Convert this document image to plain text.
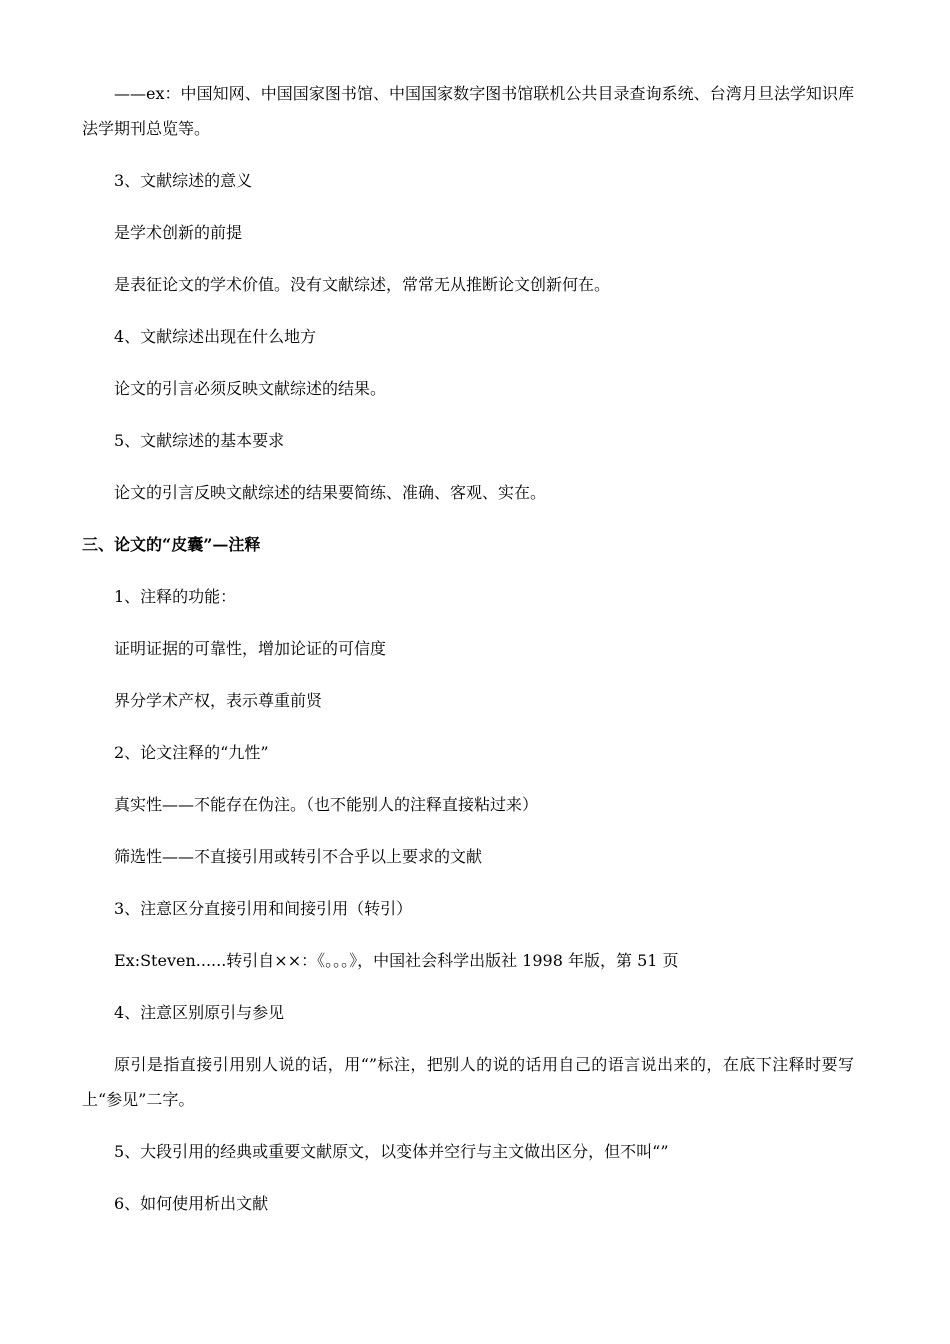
——ex：中国知网、中国国家图书馆、中国国家数字图书馆联机公共目录查询系统、台湾月旦法学知识库法学期刊总览等。

3、文献综述的意义

是学术创新的前提

是表征论文的学术价值。没有文献综述，常常无从推断论文创新何在。

4、文献综述出现在什么地方

论文的引言必须反映文献综述的结果。

5、文献综述的基本要求

论文的引言反映文献综述的结果要简练、准确、客观、实在。

三、论文的“皮囊”—注释

1、注释的功能：

证明证据的可靠性，增加论证的可信度

界分学术产权，表示尊重前贤

2、论文注释的“九性”

真实性——不能存在伪注。（也不能别人的注释直接粘过来）

筛选性——不直接引用或转引不合乎以上要求的文献

3、注意区分直接引用和间接引用（转引）

Ex:Steven......转引自××：《。。。》，中国社会科学出版社 1998 年版，第 51 页

4、注意区别原引与参见

原引是指直接引用别人说的话，用“”标注，把别人的说的话用自己的语言说出来的，在底下注释时要写上“参见”二字。

5、大段引用的经典或重要文献原文，以变体并空行与主文做出区分，但不叫“”

6、如何使用析出文献
